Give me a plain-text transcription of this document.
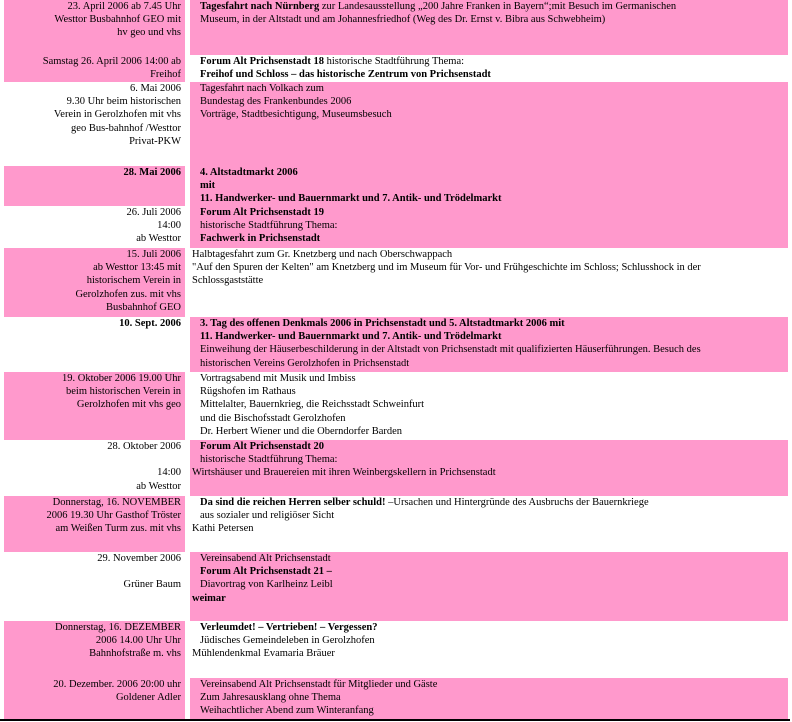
23. April 2006 ab 7.45 Uhr
Westtor Busbahnhof GEO mit
hv geo und vhs
Tagesfahrt nach Nürnberg zur Landesausstellung „200 Jahre Franken in Bayern“;mit Besuch im Germanischen
Museum, in der Altstadt und am Johannesfriedhof (Weg des Dr. Ernst v. Bibra aus Schwebheim)
Samstag 26. April 2006 14:00 ab
Freihof
Forum Alt Prichsenstadt 18 historische Stadtführung Thema:
Freihof und Schloss – das historische Zentrum von Prichsenstadt
6. Mai 2006
9.30 Uhr beim historischen
Verein in Gerolzhofen mit vhs
geo Bus-bahnhof /Westtor
Privat-PKW
Tagesfahrt nach Volkach zum
Bundestag des Frankenbundes 2006
Vorträge, Stadtbesichtigung, Museumsbesuch
28. Mai 2006	4. Altstadtmarkt 2006
mit
11. Handwerker- und Bauernmarkt und 7. Antik- und Trödelmarkt
26. Juli 2006
14:00
ab Westtor
Forum Alt Prichsenstadt 19
historische Stadtführung Thema:
Fachwerk in Prichsenstadt
15. Juli 2006
ab Westtor 13:45 mit
historischem Verein in
Gerolzhofen zus. mit vhs
Busbahnhof GEO
Halbtagesfahrt zum Gr. Knetzberg und nach Oberschwappach
"Auf den Spuren der Kelten" am Knetzberg und im Museum für Vor- und Frühgeschichte im Schloss; Schlusshock in der
Schlossgaststätte
10. Sept. 2006	3. Tag des offenen Denkmals 2006 in Prichsenstadt und 5. Altstadtmarkt 2006 mit
11. Handwerker- und Bauernmarkt und 7. Antik- und Trödelmarkt
Einweihung der Häuserbeschilderung in der Altstadt von Prichsenstadt mit qualifizierten Häuserführungen. Besuch des
historischen Vereins Gerolzhofen in Prichsenstadt
19. Oktober 2006 19.00 Uhr
beim historischen Verein in
Gerolzhofen mit vhs geo
Vortragsabend mit Musik und Imbiss
Rügshofen im Rathaus
Mittelalter, Bauernkrieg, die Reichsstadt Schweinfurt
und die Bischofsstadt Gerolzhofen
Dr. Herbert Wiener und die Oberndorfer Barden
28. Oktober 2006

14:00
ab Westtor
Forum Alt Prichsenstadt 20
historische Stadtführung Thema:
Wirtshäuser und Brauereien mit ihren Weinbergskellern in Prichsenstadt
Donnerstag, 16. NOVEMBER
2006 19.30 Uhr Gasthof Tröster
am Weißen Turm zus. mit vhs
Da sind die reichen Herren selber schuld! –Ursachen und Hintergründe des Ausbruchs der Bauernkriege
aus sozialer und religiöser Sicht
Kathi Petersen
29. November 2006

Grüner Baum
Vereinsabend Alt Prichsenstadt
Forum Alt Prichsenstadt 21 –
Diavortrag von Karlheinz Leibl
weimar
Donnerstag, 16. DEZEMBER
2006 14.00 Uhr Uhr
Bahnhofstraße m. vhs
Verleumdet! – Vertrieben! – Vergessen?
Jüdisches Gemeindeleben in Gerolzhofen
Mühlendenkmal Evamaria Bräuer
20. Dezember. 2006 20:00 uhr
Goldener Adler
Vereinsabend Alt Prichsenstadt für Mitglieder und Gäste
Zum Jahresausklang ohne Thema
Weihachtlicher Abend zum Winteranfang
